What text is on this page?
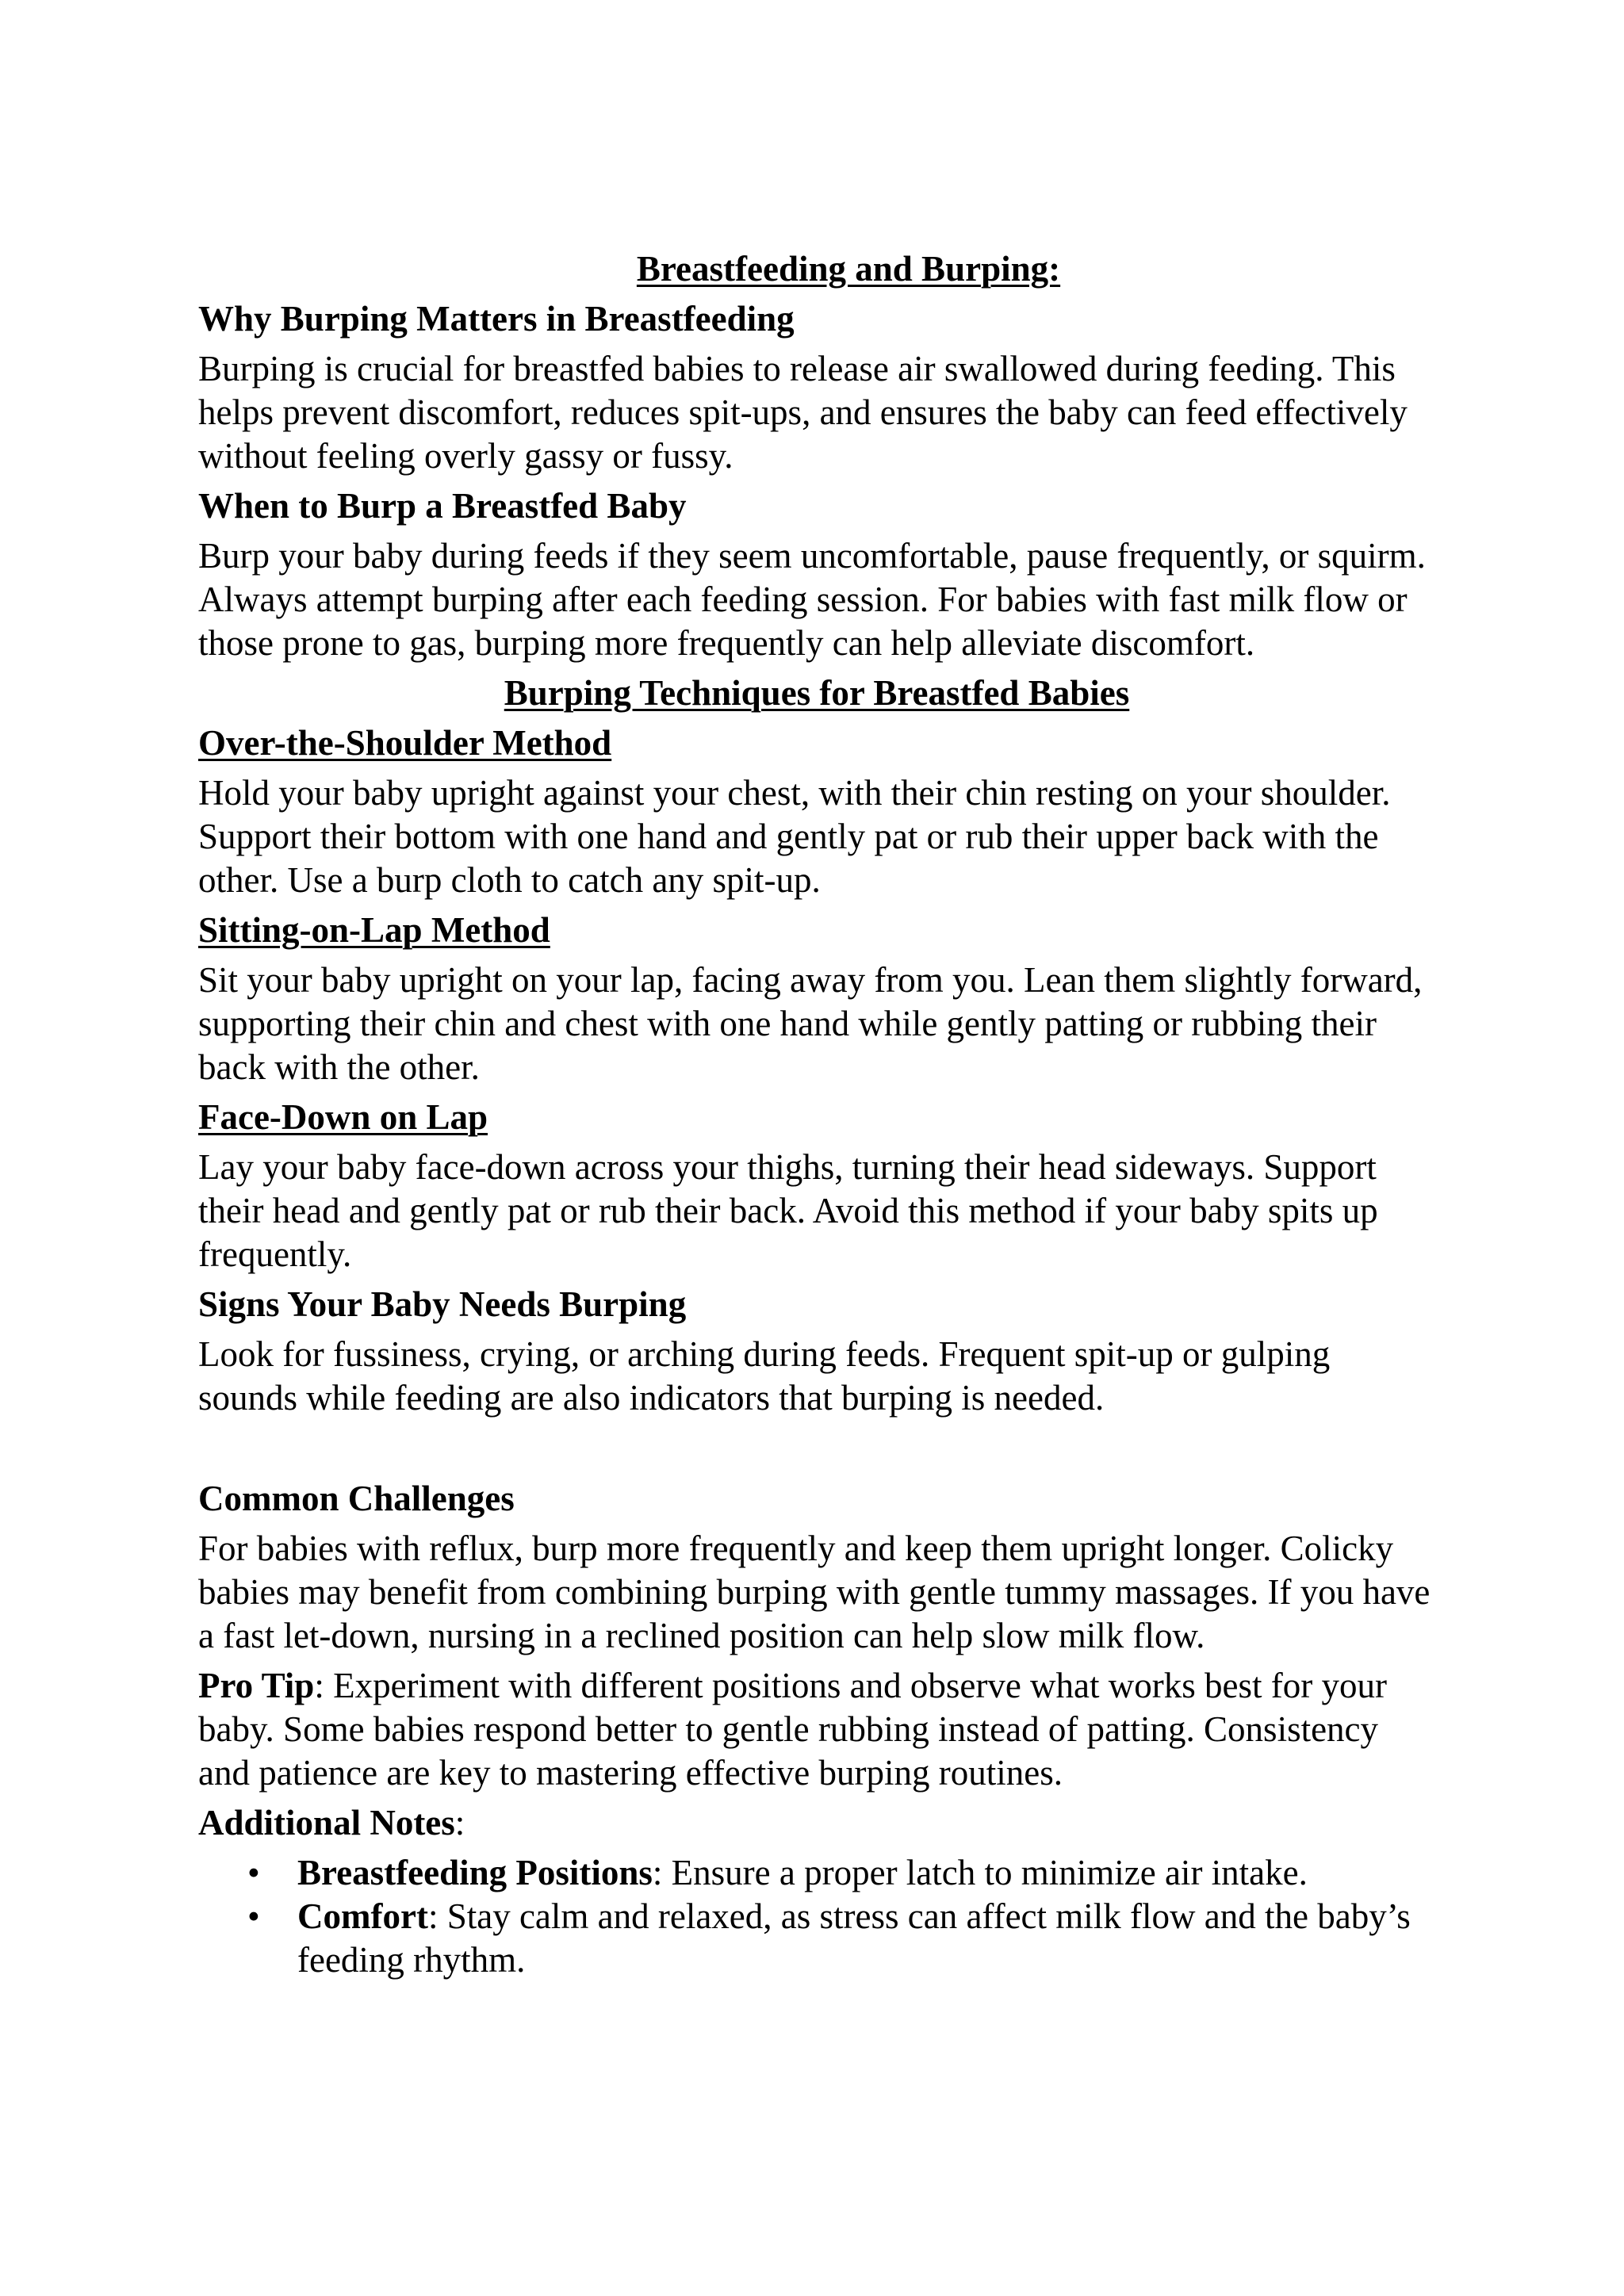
Breastfeeding and Burping:
Why Burping Matters in Breastfeeding

Burping is crucial for breastfed babies to release air swallowed during feeding. This helps prevent discomfort, reduces spit-ups, and ensures the baby can feed effectively without feeling overly gassy or fussy.

When to Burp a Breastfed Baby

Burp your baby during feeds if they seem uncomfortable, pause frequently, or squirm. Always attempt burping after each feeding session. For babies with fast milk flow or those prone to gas, burping more frequently can help alleviate discomfort.

Burping Techniques for Breastfed Babies
Over-the-Shoulder Method

Hold your baby upright against your chest, with their chin resting on your shoulder. Support their bottom with one hand and gently pat or rub their upper back with the other. Use a burp cloth to catch any spit-up.

Sitting-on-Lap Method

Sit your baby upright on your lap, facing away from you. Lean them slightly forward, supporting their chin and chest with one hand while gently patting or rubbing their back with the other.

Face-Down on Lap

Lay your baby face-down across your thighs, turning their head sideways. Support their head and gently pat or rub their back. Avoid this method if your baby spits up frequently.

Signs Your Baby Needs Burping

Look for fussiness, crying, or arching during feeds. Frequent spit-up or gulping sounds while feeding are also indicators that burping is needed.

Common Challenges

For babies with reflux, burp more frequently and keep them upright longer. Colicky babies may benefit from combining burping with gentle tummy massages. If you have a fast let-down, nursing in a reclined position can help slow milk flow.

Pro Tip: Experiment with different positions and observe what works best for your baby. Some babies respond better to gentle rubbing instead of patting. Consistency and patience are key to mastering effective burping routines.

Additional Notes:

• Breastfeeding Positions: Ensure a proper latch to minimize air intake.
• Comfort: Stay calm and relaxed, as stress can affect milk flow and the baby’s feeding rhythm.
